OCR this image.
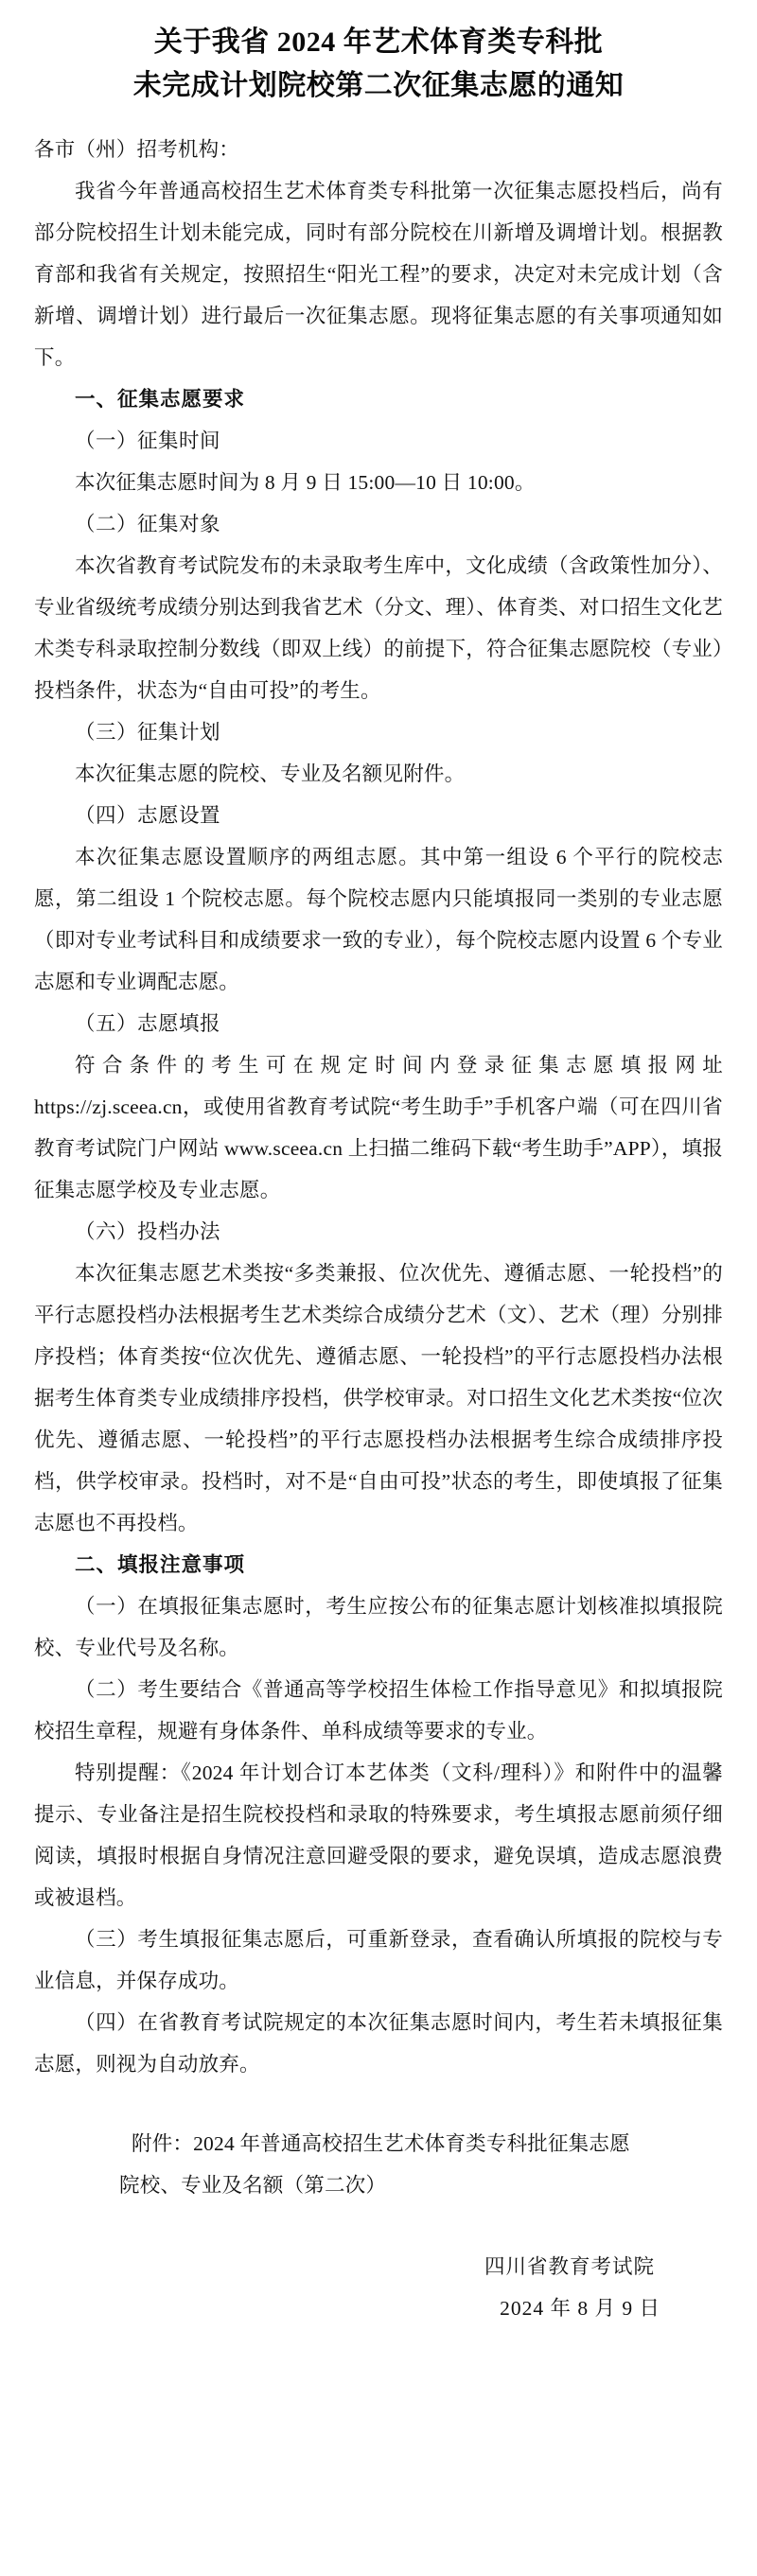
关于我省 2024 年艺术体育类专科批
未完成计划院校第二次征集志愿的通知

各市（州）招考机构：

我省今年普通高校招生艺术体育类专科批第一次征集志愿投档后，尚有部分院校招生计划未能完成，同时有部分院校在川新增及调增计划。根据教育部和我省有关规定，按照招生“阳光工程”的要求，决定对未完成计划（含新增、调增计划）进行最后一次征集志愿。现将征集志愿的有关事项通知如下。

一、征集志愿要求

（一）征集时间

本次征集志愿时间为 8 月 9 日 15:00—10 日 10:00。

（二）征集对象

本次省教育考试院发布的未录取考生库中，文化成绩（含政策性加分）、专业省级统考成绩分别达到我省艺术（分文、理）、体育类、对口招生文化艺术类专科录取控制分数线（即双上线）的前提下，符合征集志愿院校（专业）投档条件，状态为“自由可投”的考生。

（三）征集计划

本次征集志愿的院校、专业及名额见附件。

（四）志愿设置

本次征集志愿设置顺序的两组志愿。其中第一组设 6 个平行的院校志愿，第二组设 1 个院校志愿。每个院校志愿内只能填报同一类别的专业志愿（即对专业考试科目和成绩要求一致的专业），每个院校志愿内设置 6 个专业志愿和专业调配志愿。

（五）志愿填报

符合条件的考生可在规定时间内登录征集志愿填报网址 https://zj.sceea.cn，或使用省教育考试院“考生助手”手机客户端（可在四川省教育考试院门户网站 www.sceea.cn 上扫描二维码下载“考生助手”APP），填报征集志愿学校及专业志愿。

（六）投档办法

本次征集志愿艺术类按“多类兼报、位次优先、遵循志愿、一轮投档”的平行志愿投档办法根据考生艺术类综合成绩分艺术（文）、艺术（理）分别排序投档；体育类按“位次优先、遵循志愿、一轮投档”的平行志愿投档办法根据考生体育类专业成绩排序投档，供学校审录。对口招生文化艺术类按“位次优先、遵循志愿、一轮投档”的平行志愿投档办法根据考生综合成绩排序投档，供学校审录。投档时，对不是“自由可投”状态的考生，即使填报了征集志愿也不再投档。

二、填报注意事项

（一）在填报征集志愿时，考生应按公布的征集志愿计划核准拟填报院校、专业代号及名称。

（二）考生要结合《普通高等学校招生体检工作指导意见》和拟填报院校招生章程，规避有身体条件、单科成绩等要求的专业。

特别提醒：《2024 年计划合订本艺体类（文科/理科）》和附件中的温馨提示、专业备注是招生院校投档和录取的特殊要求，考生填报志愿前须仔细阅读，填报时根据自身情况注意回避受限的要求，避免误填，造成志愿浪费或被退档。

（三）考生填报征集志愿后，可重新登录，查看确认所填报的院校与专业信息，并保存成功。

（四）在省教育考试院规定的本次征集志愿时间内，考生若未填报征集志愿，则视为自动放弃。

附件：2024 年普通高校招生艺术体育类专科批征集志愿

院校、专业及名额（第二次）

四川省教育考试院
2024 年 8 月 9 日
